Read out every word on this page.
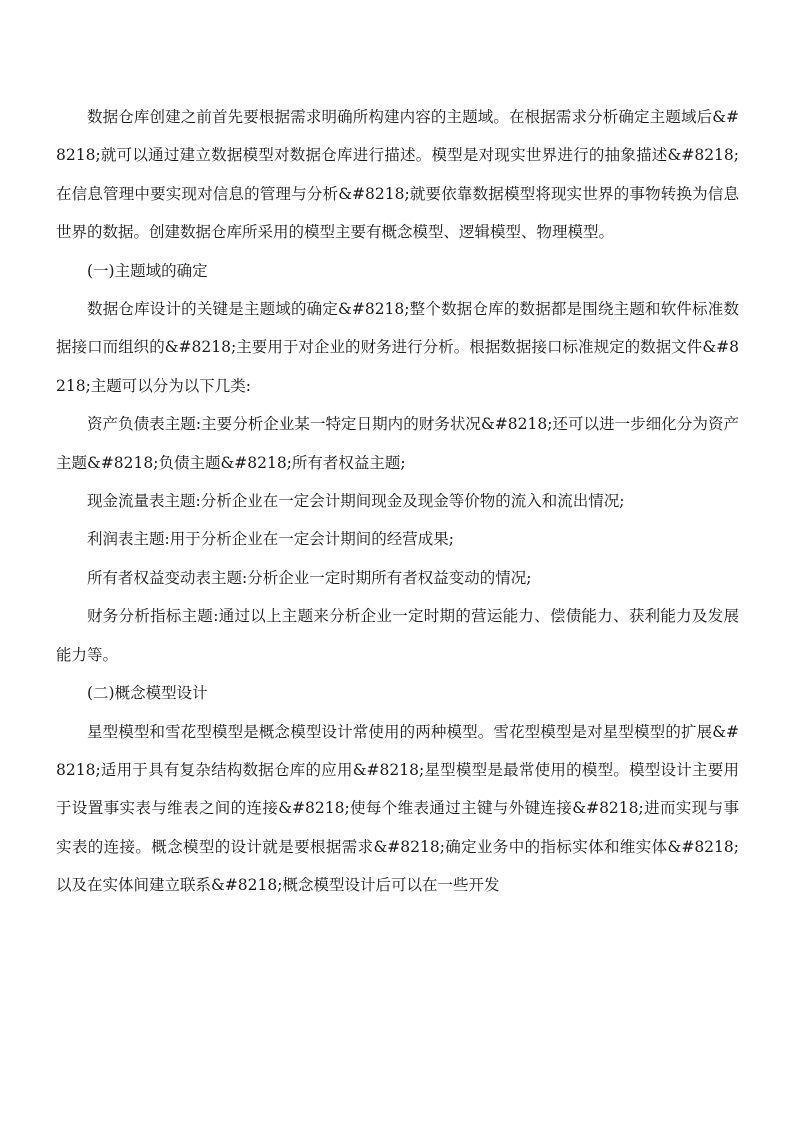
数据仓库创建之前首先要根据需求明确所构建内容的主题域。在根据需求分析确定主题域后&#8218;就可以通过建立数据模型对数据仓库进行描述。模型是对现实世界进行的抽象描述&#8218;在信息管理中要实现对信息的管理与分析&#8218;就要依靠数据模型将现实世界的事物转换为信息世界的数据。创建数据仓库所采用的模型主要有概念模型、逻辑模型、物理模型。

(一)主题域的确定

数据仓库设计的关键是主题域的确定&#8218;整个数据仓库的数据都是围绕主题和软件标准数据接口而组织的&#8218;主要用于对企业的财务进行分析。根据数据接口标准规定的数据文件&#8218;主题可以分为以下几类:

资产负债表主题:主要分析企业某一特定日期内的财务状况&#8218;还可以进一步细化分为资产主题&#8218;负债主题&#8218;所有者权益主题;

现金流量表主题:分析企业在一定会计期间现金及现金等价物的流入和流出情况;

利润表主题:用于分析企业在一定会计期间的经营成果;

所有者权益变动表主题:分析企业一定时期所有者权益变动的情况;

财务分析指标主题:通过以上主题来分析企业一定时期的营运能力、偿债能力、获利能力及发展能力等。

(二)概念模型设计

星型模型和雪花型模型是概念模型设计常使用的两种模型。雪花型模型是对星型模型的扩展&#8218;适用于具有复杂结构数据仓库的应用&#8218;星型模型是最常使用的模型。模型设计主要用于设置事实表与维表之间的连接&#8218;使每个维表通过主键与外键连接&#8218;进而实现与事实表的连接。概念模型的设计就是要根据需求&#8218;确定业务中的指标实体和维实体&#8218;以及在实体间建立联系&#8218;概念模型设计后可以在一些开发
